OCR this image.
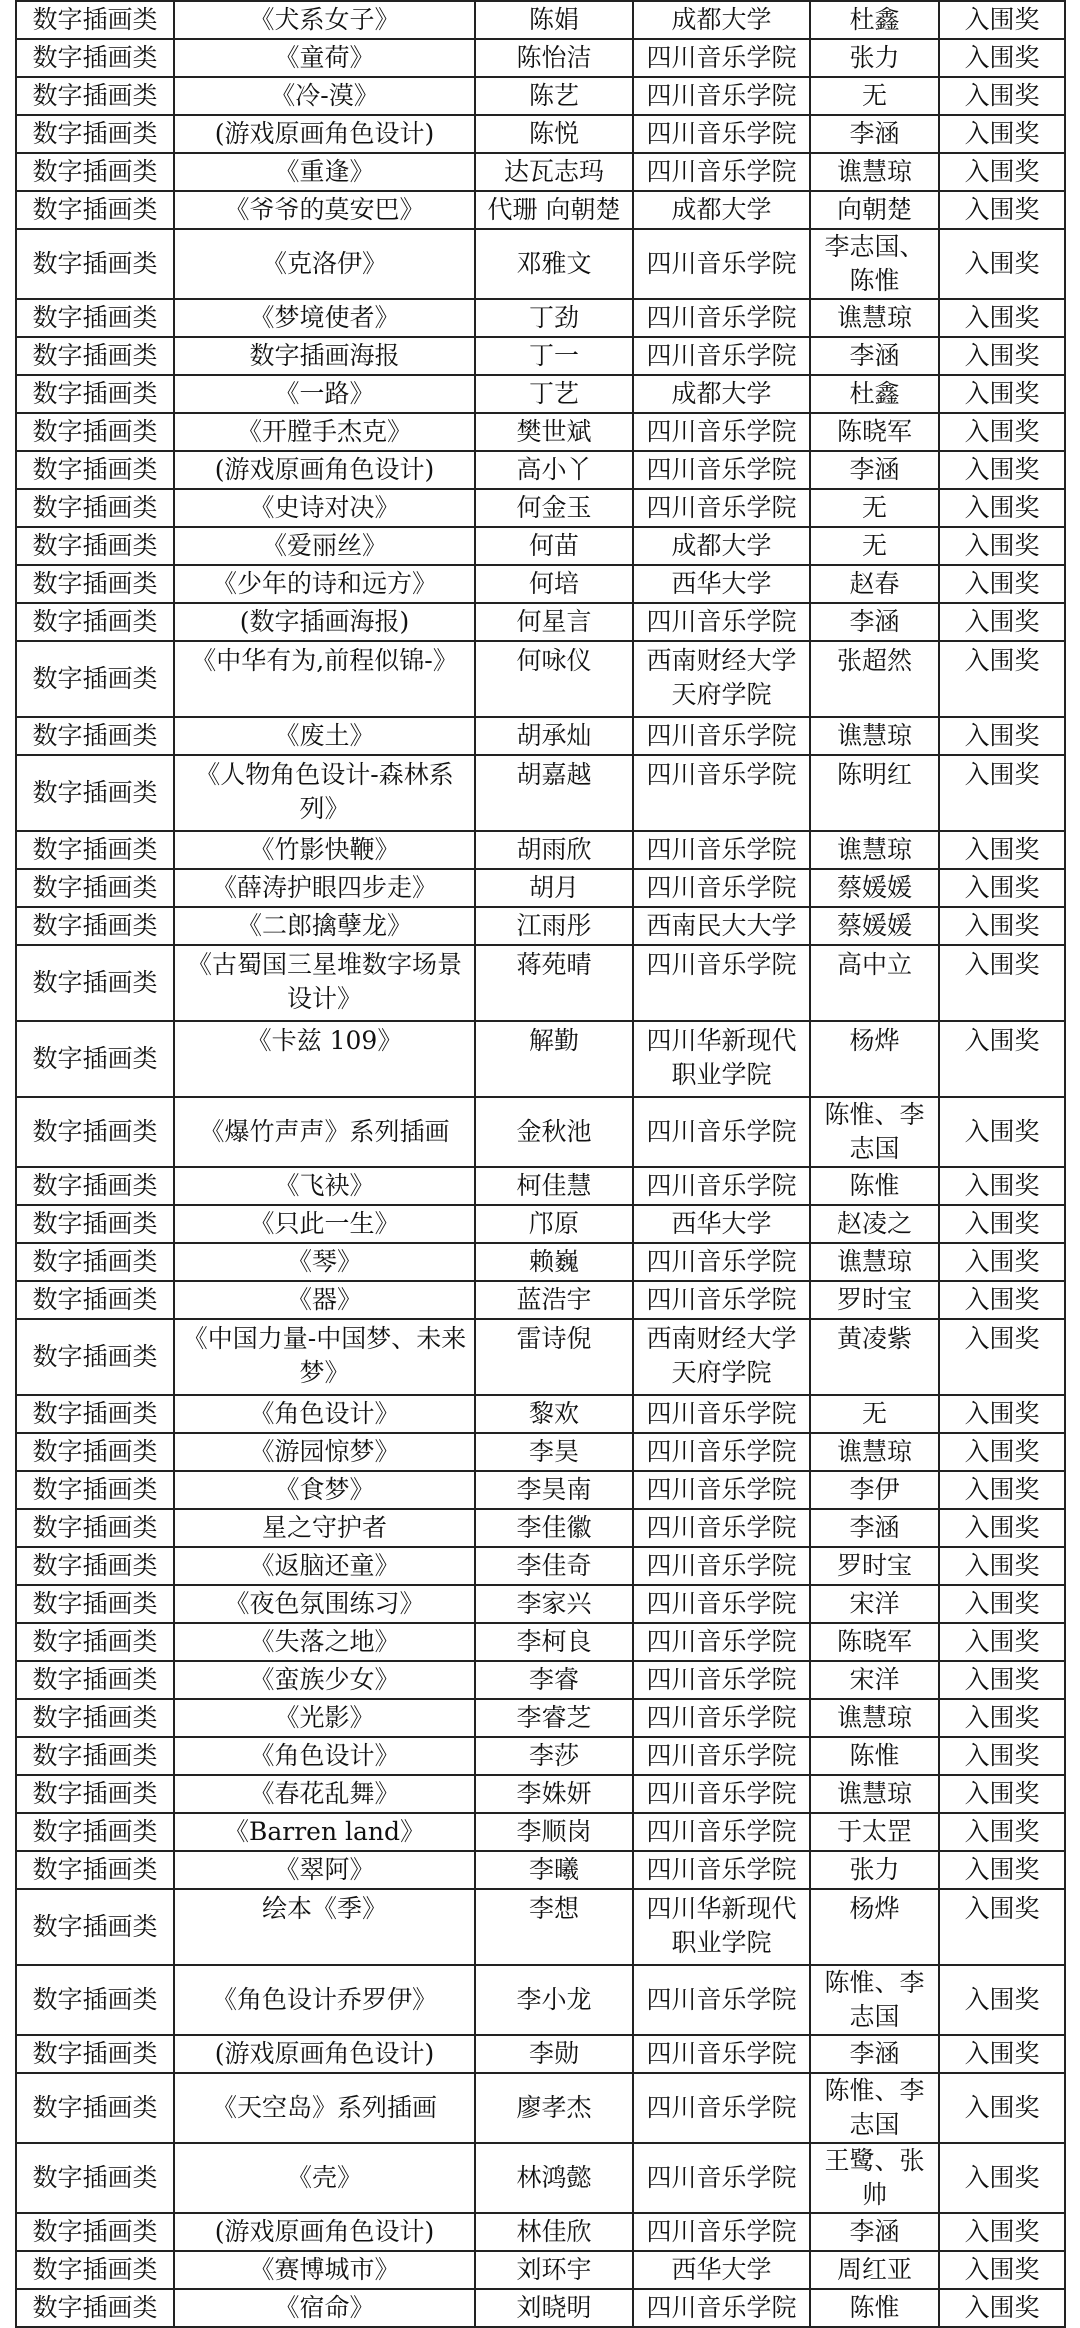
数字插画类	《犬系女子》	陈娟	成都大学	杜鑫	入围奖
数字插画类	《童荷》	陈怡洁	四川音乐学院	张力	入围奖
数字插画类	《冷-漠》	陈艺	四川音乐学院	无	入围奖
数字插画类	(游戏原画角色设计)	陈悦	四川音乐学院	李涵	入围奖
数字插画类	《重逢》	达瓦志玛	四川音乐学院	谯慧琼	入围奖
数字插画类	《爷爷的莫安巴》	代珊 向朝楚	成都大学	向朝楚	入围奖
数字插画类	《克洛伊》	邓雅文	四川音乐学院	李志国、陈惟	入围奖
数字插画类	《梦境使者》	丁劲	四川音乐学院	谯慧琼	入围奖
数字插画类	数字插画海报	丁一	四川音乐学院	李涵	入围奖
数字插画类	《一路》	丁艺	成都大学	杜鑫	入围奖
数字插画类	《开膛手杰克》	樊世斌	四川音乐学院	陈晓军	入围奖
数字插画类	(游戏原画角色设计)	高小丫	四川音乐学院	李涵	入围奖
数字插画类	《史诗对决》	何金玉	四川音乐学院	无	入围奖
数字插画类	《爱丽丝》	何苗	成都大学	无	入围奖
数字插画类	《少年的诗和远方》	何培	西华大学	赵春	入围奖
数字插画类	(数字插画海报)	何星言	四川音乐学院	李涵	入围奖
数字插画类	《中华有为,前程似锦-》	何咏仪	西南财经大学天府学院	张超然	入围奖
数字插画类	《废土》	胡承灿	四川音乐学院	谯慧琼	入围奖
数字插画类	《人物角色设计-森林系列》	胡嘉越	四川音乐学院	陈明红	入围奖
数字插画类	《竹影快鞭》	胡雨欣	四川音乐学院	谯慧琼	入围奖
数字插画类	《薛涛护眼四步走》	胡月	四川音乐学院	蔡媛媛	入围奖
数字插画类	《二郎擒孽龙》	江雨彤	西南民大大学	蔡媛媛	入围奖
数字插画类	《古蜀国三星堆数字场景设计》	蒋苑晴	四川音乐学院	高中立	入围奖
数字插画类	《卡兹 109》	解勤	四川华新现代职业学院	杨烨	入围奖
数字插画类	《爆竹声声》系列插画	金秋池	四川音乐学院	陈惟、李志国	入围奖
数字插画类	《飞袂》	柯佳慧	四川音乐学院	陈惟	入围奖
数字插画类	《只此一生》	邝原	西华大学	赵凌之	入围奖
数字插画类	《琴》	赖巍	四川音乐学院	谯慧琼	入围奖
数字插画类	《器》	蓝浩宇	四川音乐学院	罗时宝	入围奖
数字插画类	《中国力量-中国梦、未来梦》	雷诗倪	西南财经大学天府学院	黄凌紫	入围奖
数字插画类	《角色设计》	黎欢	四川音乐学院	无	入围奖
数字插画类	《游园惊梦》	李昊	四川音乐学院	谯慧琼	入围奖
数字插画类	《食梦》	李昊南	四川音乐学院	李伊	入围奖
数字插画类	星之守护者	李佳徽	四川音乐学院	李涵	入围奖
数字插画类	《返脑还童》	李佳奇	四川音乐学院	罗时宝	入围奖
数字插画类	《夜色氛围练习》	李家兴	四川音乐学院	宋洋	入围奖
数字插画类	《失落之地》	李柯良	四川音乐学院	陈晓军	入围奖
数字插画类	《蛮族少女》	李睿	四川音乐学院	宋洋	入围奖
数字插画类	《光影》	李睿芝	四川音乐学院	谯慧琼	入围奖
数字插画类	《角色设计》	李莎	四川音乐学院	陈惟	入围奖
数字插画类	《春花乱舞》	李姝妍	四川音乐学院	谯慧琼	入围奖
数字插画类	《Barren land》	李顺岗	四川音乐学院	于太罡	入围奖
数字插画类	《翠阿》	李曦	四川音乐学院	张力	入围奖
数字插画类	绘本《季》	李想	四川华新现代职业学院	杨烨	入围奖
数字插画类	《角色设计乔罗伊》	李小龙	四川音乐学院	陈惟、李志国	入围奖
数字插画类	(游戏原画角色设计)	李勋	四川音乐学院	李涵	入围奖
数字插画类	《天空岛》系列插画	廖孝杰	四川音乐学院	陈惟、李志国	入围奖
数字插画类	《壳》	林鸿懿	四川音乐学院	王鹭、张帅	入围奖
数字插画类	(游戏原画角色设计)	林佳欣	四川音乐学院	李涵	入围奖
数字插画类	《赛博城市》	刘环宇	西华大学	周红亚	入围奖
数字插画类	《宿命》	刘晓明	四川音乐学院	陈惟	入围奖
